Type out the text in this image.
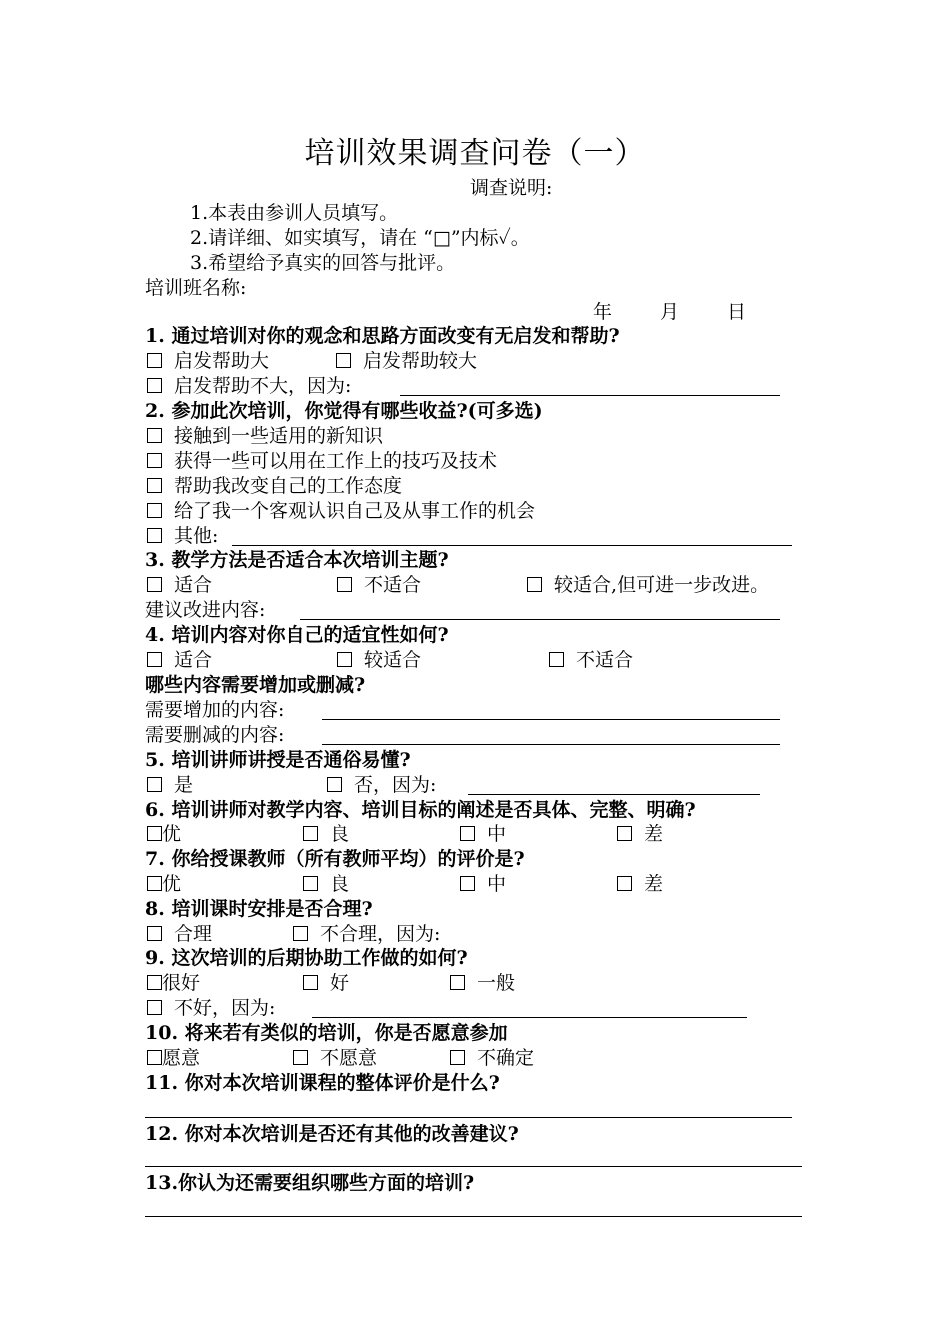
培训效果调查问卷（一）
调查说明:
1.本表由参训人员填写。
2.请详细、如实填写，请在 “□”内标✓。
3.希望给予真实的回答与批评。
培训班名称:
年	月	日
1. 通过培训对你的观念和思路方面改变有无启发和帮助?
启发帮助大	启发帮助较大
启发帮助不大，因为:
2. 参加此次培训，你觉得有哪些收益?(可多选)
接触到一些适用的新知识
获得一些可以用在工作上的技巧及技术
帮助我改变自己的工作态度
给了我一个客观认识自己及从事工作的机会
其他:
3. 教学方法是否适合本次培训主题?
适合	不适合	较适合,但可进一步改进。
建议改进内容:
4. 培训内容对你自己的适宜性如何?
适合	较适合	不适合
哪些内容需要增加或删减?
需要增加的内容:
需要删减的内容:
5. 培训讲师讲授是否通俗易懂?
是	否，因为:
6. 培训讲师对教学内容、培训目标的阐述是否具体、完整、明确?
优	良	中	差
7. 你给授课教师（所有教师平均）的评价是?
优	良	中	差
8. 培训课时安排是否合理?
合理	不合理，因为:
9. 这次培训的后期协助工作做的如何?
很好	好	一般
不好，因为:
10. 将来若有类似的培训，你是否愿意参加
愿意	不愿意	不确定
11. 你对本次培训课程的整体评价是什么?
12. 你对本次培训是否还有其他的改善建议?
13.你认为还需要组织哪些方面的培训?
